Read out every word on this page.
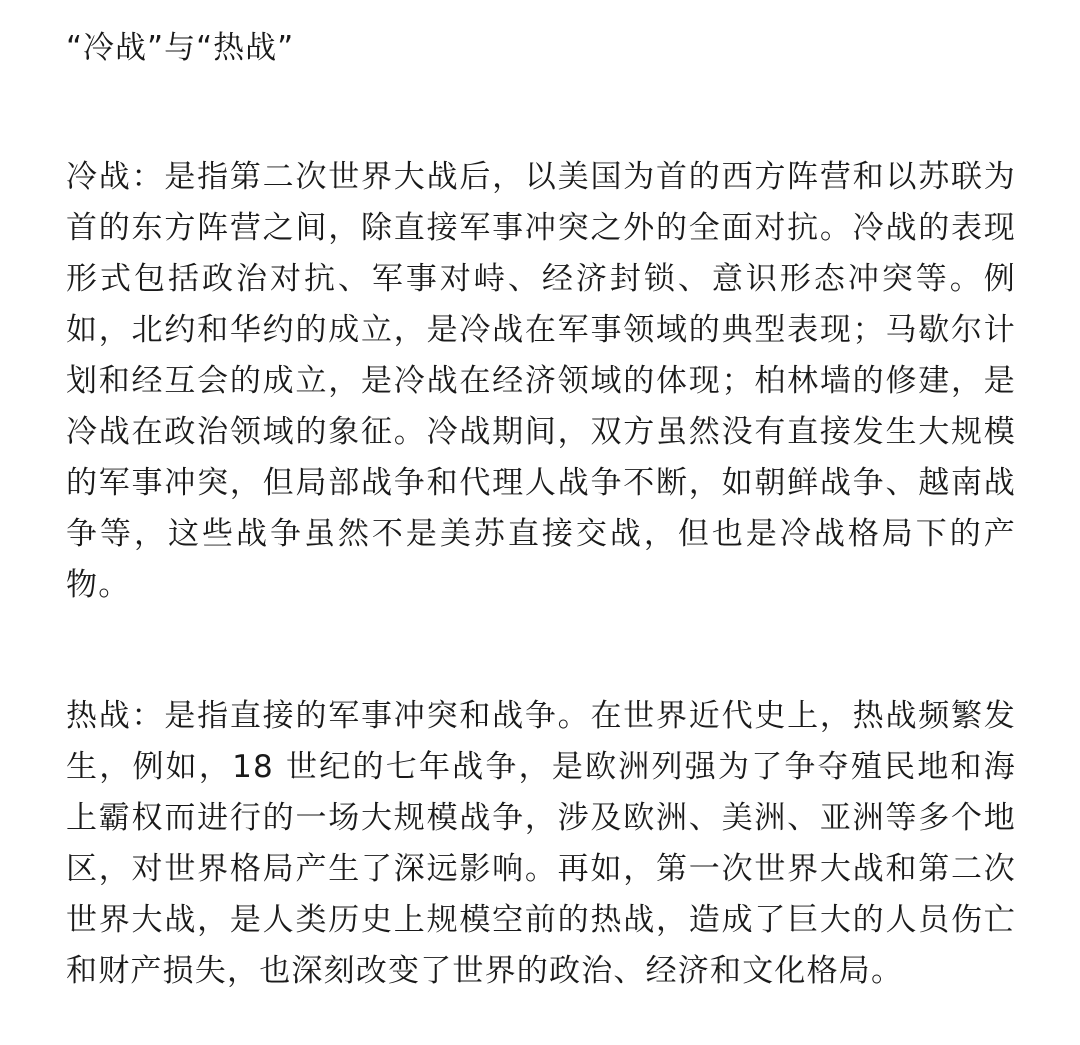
“冷战”与“热战”

冷战：是指第二次世界大战后，以美国为首的西方阵营和以苏联为首的东方阵营之间，除直接军事冲突之外的全面对抗。冷战的表现形式包括政治对抗、军事对峙、经济封锁、意识形态冲突等。例如，北约和华约的成立，是冷战在军事领域的典型表现；马歇尔计划和经互会的成立，是冷战在经济领域的体现；柏林墙的修建，是冷战在政治领域的象征。冷战期间，双方虽然没有直接发生大规模的军事冲突，但局部战争和代理人战争不断，如朝鲜战争、越南战争等，这些战争虽然不是美苏直接交战，但也是冷战格局下的产物。

热战：是指直接的军事冲突和战争。在世界近代史上，热战频繁发生，例如，18 世纪的七年战争，是欧洲列强为了争夺殖民地和海上霸权而进行的一场大规模战争，涉及欧洲、美洲、亚洲等多个地区，对世界格局产生了深远影响。再如，第一次世界大战和第二次世界大战，是人类历史上规模空前的热战，造成了巨大的人员伤亡和财产损失，也深刻改变了世界的政治、经济和文化格局。
